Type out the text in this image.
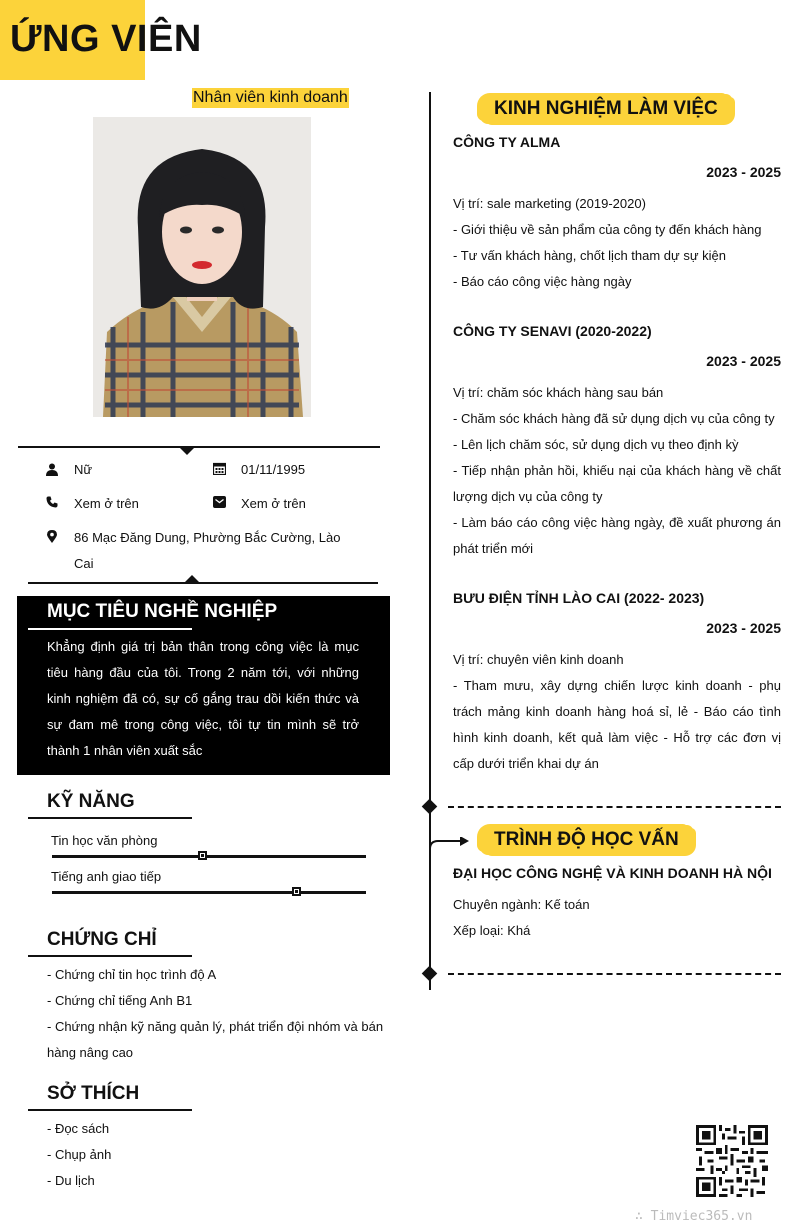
ỨNG VIÊN
Nhân viên kinh doanh
Nữ	01/11/1995
Xem ở trên	Xem ở trên
86 Mạc Đăng Dung, Phường Bắc Cường, Lào
Cai
MỤC TIÊU NGHỀ NGHIỆP
Khẳng định giá trị bản thân trong công việc là mục tiêu hàng đầu của tôi. Trong 2 năm tới, với những kinh nghiệm đã có, sự cố gắng trau dồi kiến thức và sự đam mê trong công việc, tôi tự tin mình sẽ trở thành 1 nhân viên xuất sắc
KỸ NĂNG
Tin học văn phòng
Tiếng anh giao tiếp
CHỨNG CHỈ
- Chứng chỉ tin học trình độ A
- Chứng chỉ tiếng Anh B1
- Chứng nhận kỹ năng quản lý, phát triển đội nhóm và bán
hàng nâng cao
SỞ THÍCH
- Đọc sách
- Chụp ảnh
- Du lịch
KINH NGHIỆM LÀM VIỆC
CÔNG TY ALMA
2023 - 2025
Vị trí: sale marketing (2019-2020)
- Giới thiệu về sản phẩm của công ty đến khách hàng
- Tư vấn khách hàng, chốt lịch tham dự sự kiện
- Báo cáo công việc hàng ngày
CÔNG TY SENAVI (2020-2022)
2023 - 2025
Vị trí: chăm sóc khách hàng sau bán
- Chăm sóc khách hàng đã sử dụng dịch vụ của công ty
- Lên lịch chăm sóc, sử dụng dịch vụ theo định kỳ
- Tiếp nhận phản hồi, khiếu nại của khách hàng về chất lượng dịch vụ của công ty
- Làm báo cáo công việc hàng ngày, đề xuất phương án phát triển mới
BƯU ĐIỆN TỈNH LÀO CAI (2022- 2023)
2023 - 2025
Vị trí: chuyên viên kinh doanh
- Tham mưu, xây dựng chiến lược kinh doanh - phụ trách mảng kinh doanh hàng hoá sỉ, lẻ - Báo cáo tình hình kinh doanh, kết quả làm việc - Hỗ trợ các đơn vị cấp dưới triển khai dự án
TRÌNH ĐỘ HỌC VẤN
ĐẠI HỌC CÔNG NGHỆ VÀ KINH DOANH HÀ NỘI
Chuyên ngành: Kế toán
Xếp loại: Khá
∴ Timviec365.vn
